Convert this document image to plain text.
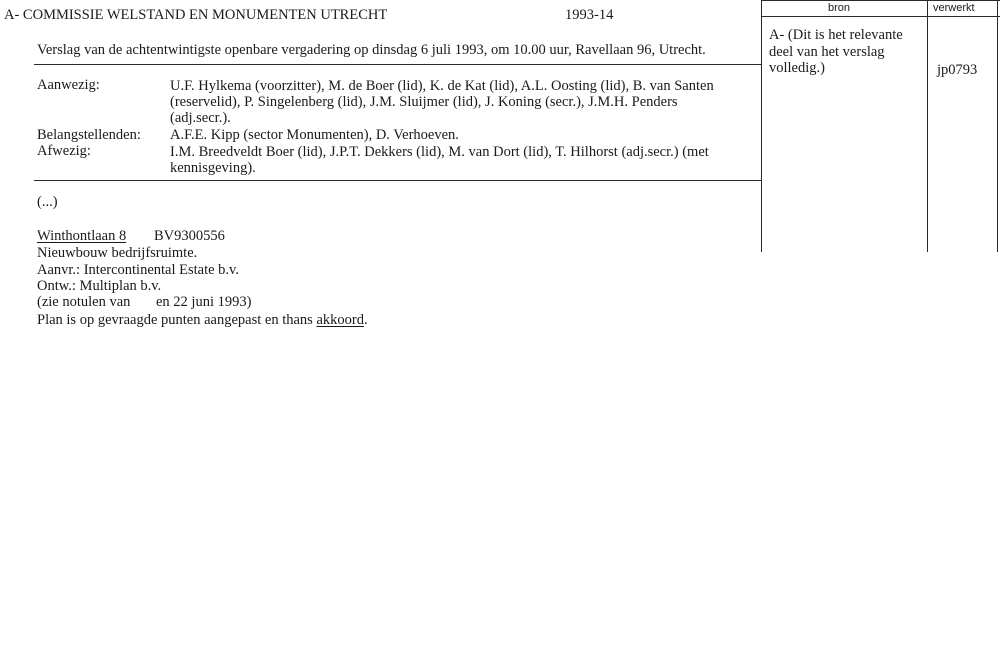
A- COMMISSIE WELSTAND EN MONUMENTEN UTRECHT	1993-14	bron	verwerkt
A- (Dit is het relevante
deel van het verslag
volledig.)	jp0793
Verslag van de achtentwintigste openbare vergadering op dinsdag 6 juli 1993, om 10.00 uur, Ravellaan 96, Utrecht.
Aanwezig:	U.F. Hylkema (voorzitter), M. de Boer (lid), K. de Kat (lid), A.L. Oosting (lid), B. van Santen
(reservelid), P. Singelenberg (lid), J.M. Sluijmer (lid), J. Koning (secr.), J.M.H. Penders
(adj.secr.).
Belangstellenden: A.F.E. Kipp (sector Monumenten), D. Verhoeven.
Afwezig:	I.M. Breedveldt Boer (lid), J.P.T. Dekkers (lid), M. van Dort (lid), T. Hilhorst (adj.secr.) (met
kennisgeving).
(...)
Winthontlaan 8 BV9300556
Nieuwbouw bedrijfsruimte.
Aanvr.: Intercontinental Estate b.v.
Ontw.: Multiplan b.v.
(zie notulen van en 22 juni 1993)
Plan is op gevraagde punten aangepast en thans akkoord.
